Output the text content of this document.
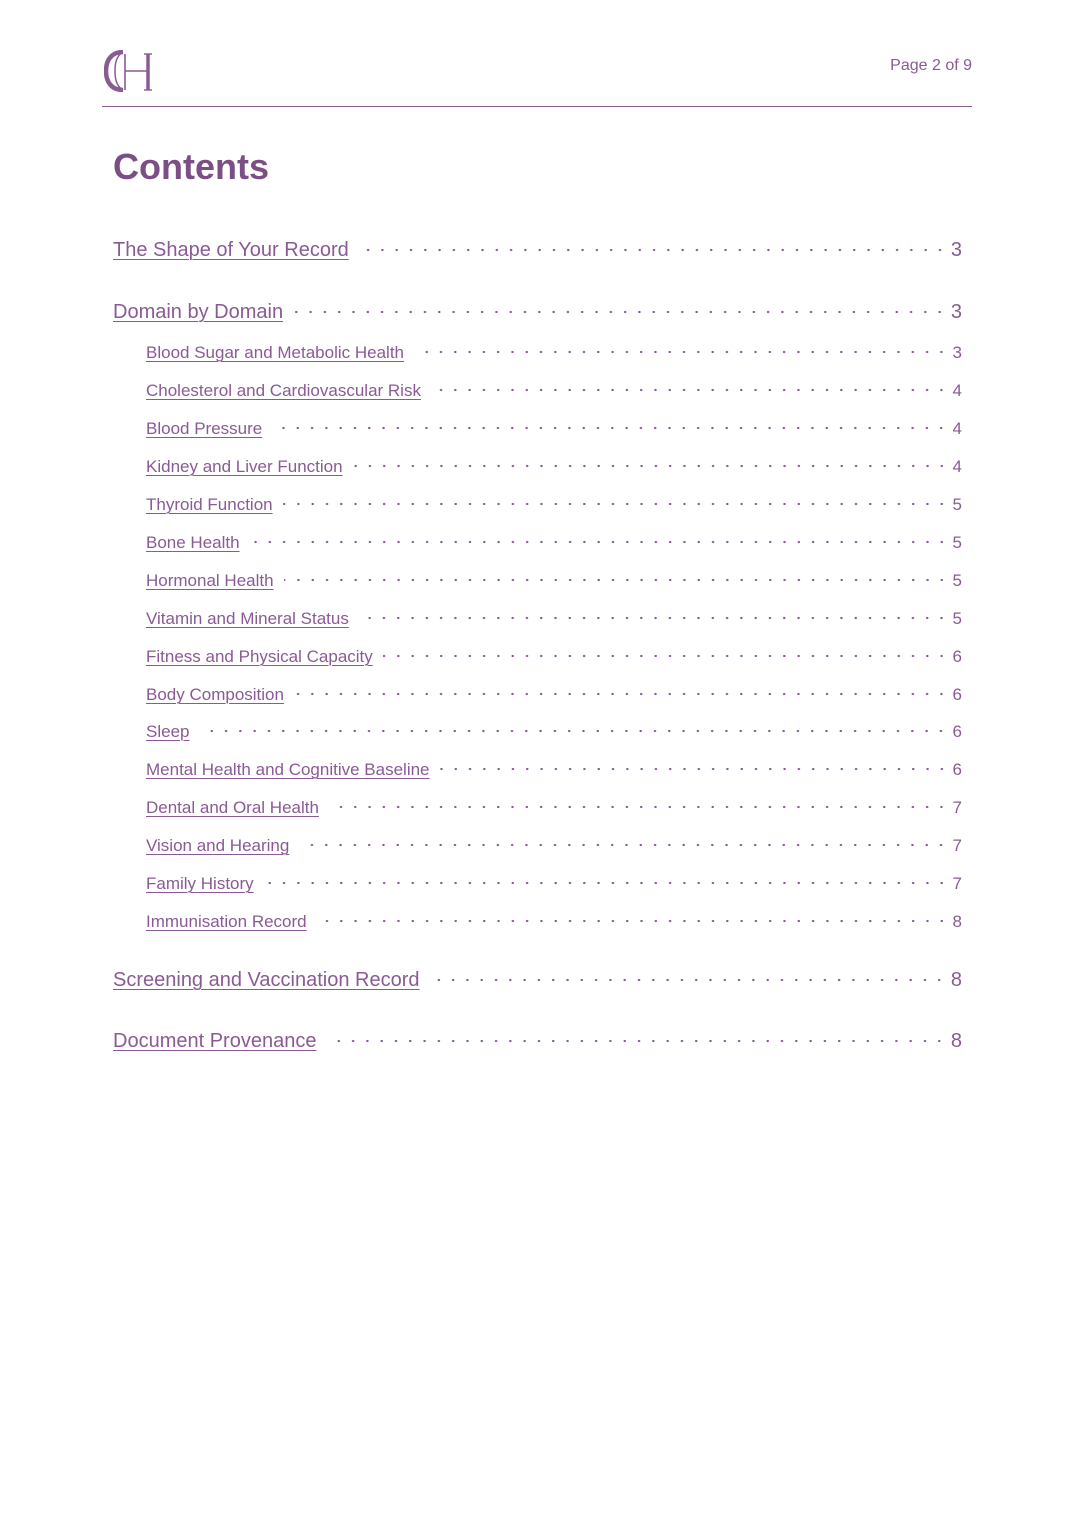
Page 2 of 9
Contents
The Shape of Your Record	3
Domain by Domain	3
Blood Sugar and Metabolic Health	3
Cholesterol and Cardiovascular Risk	4
Blood Pressure	4
Kidney and Liver Function	4
Thyroid Function	5
Bone Health	5
Hormonal Health	5
Vitamin and Mineral Status	5
Fitness and Physical Capacity	6
Body Composition	6
Sleep	6
Mental Health and Cognitive Baseline	6
Dental and Oral Health	7
Vision and Hearing	7
Family History	7
Immunisation Record	8
Screening and Vaccination Record	8
Document Provenance	8
